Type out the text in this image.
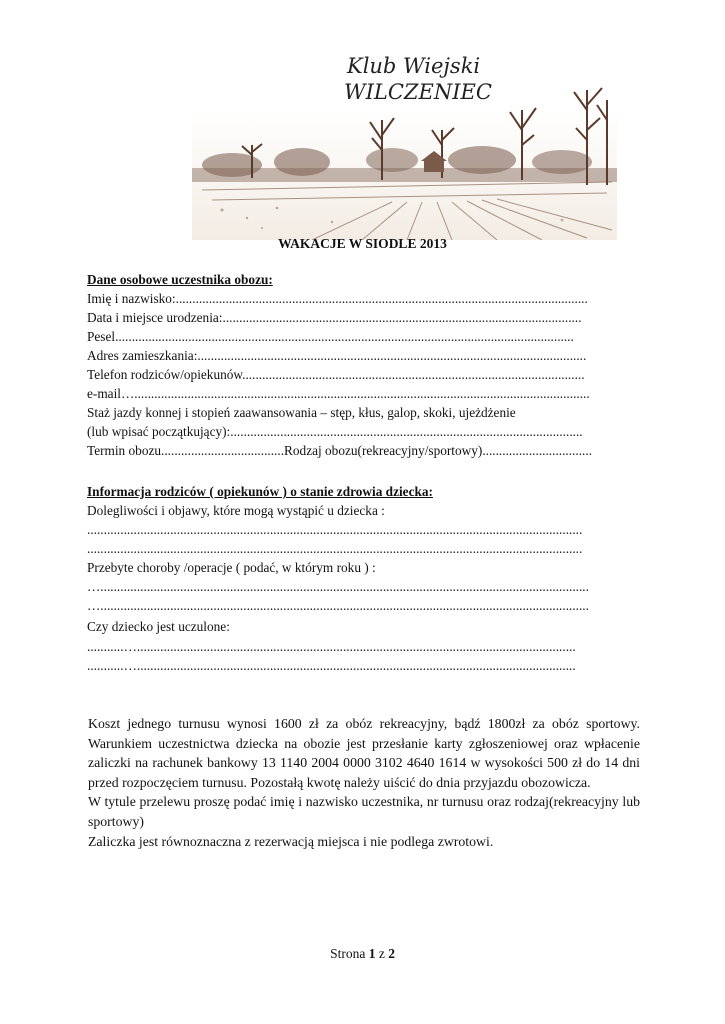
Klub Wiejski
WILCZENIEC
WAKACJE W SIODLE 2013
Dane osobowe uczestnika obozu:
Imię i nazwisko:............................................................................................................................
Data i miejsce urodzenia:............................................................................................................
Pesel..........................................................................................................................................
Adres zamieszkania:.....................................................................................................................
Telefon rodziców/opiekunów.......................................................................................................
e-mail….........................................................................................................................................
Staż jazdy konnej i stopień zaawansowania – stęp, kłus, galop, skoki, ujeżdżenie
(lub wpisać początkujący):..........................................................................................................
Termin obozu.....................................Rodzaj obozu(rekreacyjny/sportowy).................................
Informacja rodziców ( opiekunów ) o stanie zdrowia dziecka:
Dolegliwości i objawy, które mogą wystąpić u dziecka :
.....................................................................................................................................................
.....................................................................................................................................................
Przebyte choroby /operacje ( podać, w którym roku ) :
…...................................................................................................................................................
…...................................................................................................................................................
Czy dziecko jest uczulone:
...........…....................................................................................................................................
...........…....................................................................................................................................

Koszt jednego turnusu wynosi 1600 zł za obóz rekreacyjny, bądź 1800zł za obóz sportowy. Warunkiem uczestnictwa dziecka na obozie jest przesłanie karty zgłoszeniowej oraz wpłacenie zaliczki na rachunek bankowy 13 1140 2004 0000 3102 4640 1614 w wysokości 500 zł do 14 dni przed rozpoczęciem turnusu. Pozostałą kwotę należy uiścić do dnia przyjazdu obozowicza.

W tytule przelewu proszę podać imię i nazwisko uczestnika, nr turnusu oraz rodzaj(rekreacyjny lub sportowy)

Zaliczka jest równoznaczna z rezerwacją miejsca i nie podlega zwrotowi.

Strona 1 z 2
